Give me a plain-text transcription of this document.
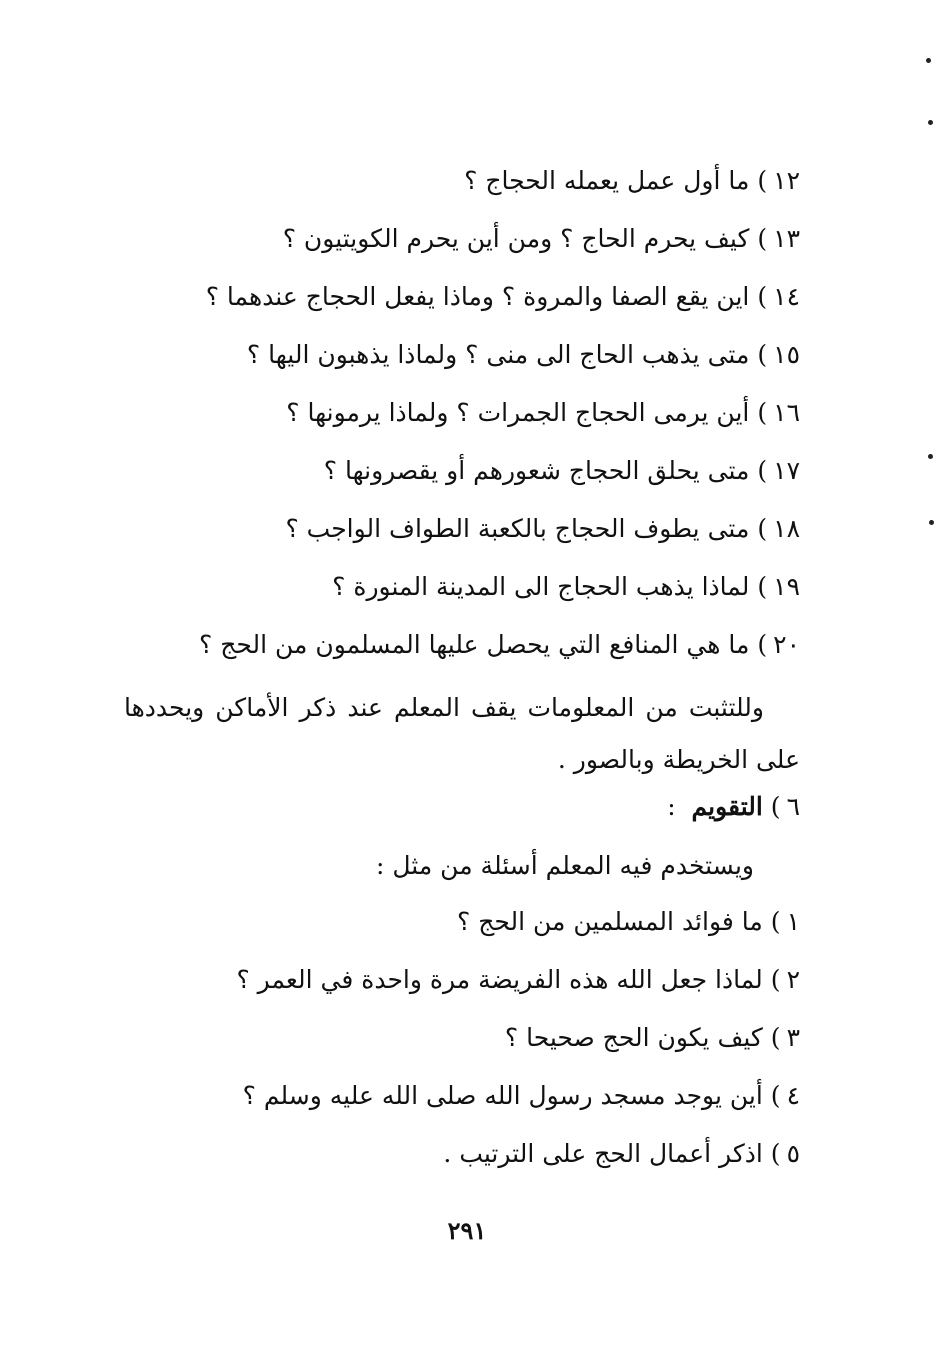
١٢)ما أول عمل يعمله الحجاج ؟
١٣)كيف يحرم الحاج ؟ ومن أين يحرم الكويتيون ؟
١٤)اين يقع الصفا والمروة ؟ وماذا يفعل الحجاج عندهما ؟
١٥)متى يذهب الحاج الى منى ؟ ولماذا يذهبون اليها ؟
١٦)أين يرمى الحجاج الجمرات ؟ ولماذا يرمونها ؟
١٧)متى يحلق الحجاج شعورهم أو يقصرونها ؟
١٨)متى يطوف الحجاج بالكعبة الطواف الواجب ؟
١٩)لماذا يذهب الحجاج الى المدينة المنورة ؟
٢٠)ما هي المنافع التي يحصل عليها المسلمون من الحج ؟
وللتثبت من المعلومات يقف المعلم عند ذكر الأماكن ويحددها على الخريطة وبالصور .
٦)التقويم  :
ويستخدم فيه المعلم أسئلة من مثل :
١)ما فوائد المسلمين من الحج ؟
٢)لماذا جعل الله هذه الفريضة مرة واحدة في العمر ؟
٣)كيف يكون الحج صحيحا ؟
٤)أين يوجد مسجد رسول الله صلى الله عليه وسلم ؟
٥)اذكر أعمال الحج على الترتيب .
٢٩١
